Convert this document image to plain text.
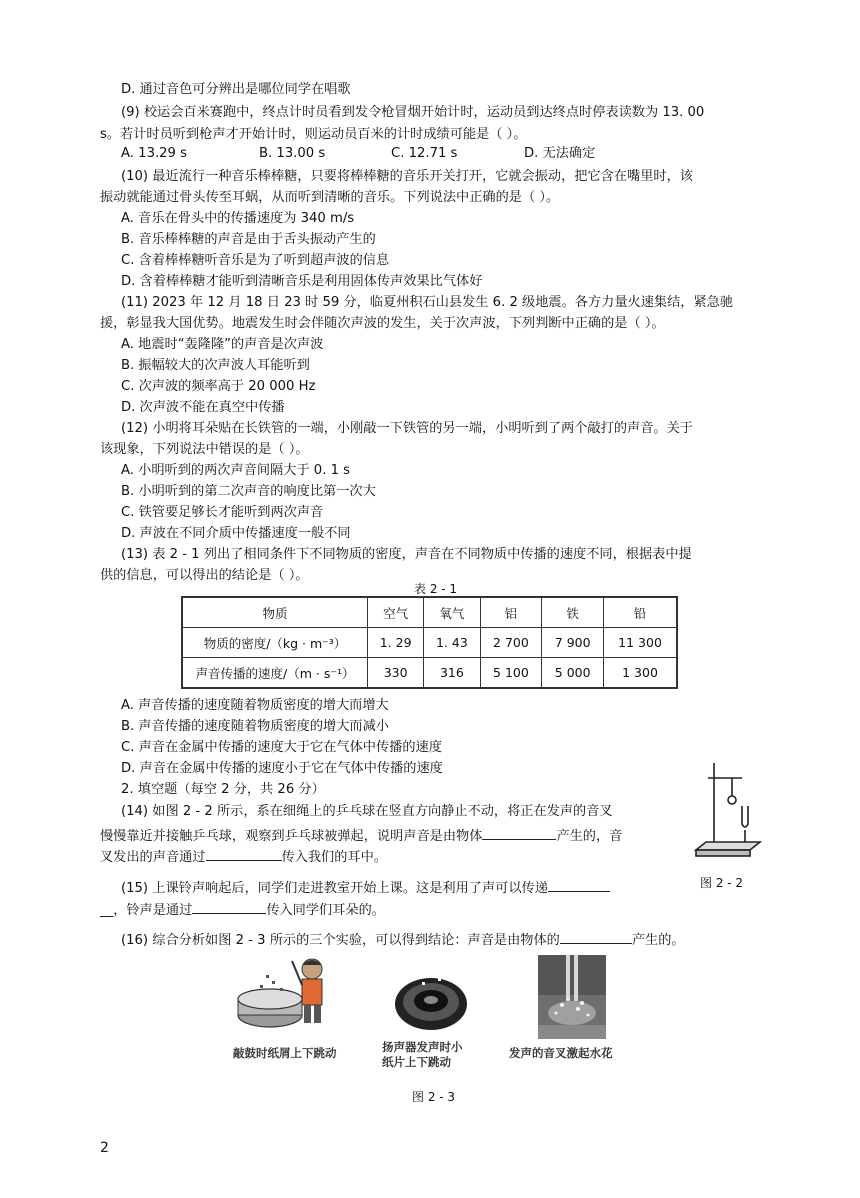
D. 通过音色可分辨出是哪位同学在唱歌
(9) 校运会百米赛跑中，终点计时员看到发令枪冒烟开始计时，运动员到达终点时停表读数为 13. 00
s。若计时员听到枪声才开始计时，则运动员百米的计时成绩可能是（ ）。
A. 13.29 s	B. 13.00 s	C. 12.71 s	D. 无法确定
(10) 最近流行一种音乐棒棒糖，只要将棒棒糖的音乐开关打开，它就会振动，把它含在嘴里时，该
振动就能通过骨头传至耳蜗，从而听到清晰的音乐。下列说法中正确的是（ ）。
A. 音乐在骨头中的传播速度为 340 m/s
B. 音乐棒棒糖的声音是由于舌头振动产生的
C. 含着棒棒糖听音乐是为了听到超声波的信息
D. 含着棒棒糖才能听到清晰音乐是利用固体传声效果比气体好
(11) 2023 年 12 月 18 日 23 时 59 分，临夏州积石山县发生 6. 2 级地震。各方力量火速集结，紧急驰
援，彰显我大国优势。地震发生时会伴随次声波的发生，关于次声波，下列判断中正确的是（ ）。
A. 地震时“轰隆隆”的声音是次声波
B. 振幅较大的次声波人耳能听到
C. 次声波的频率高于 20 000 Hz
D. 次声波不能在真空中传播
(12) 小明将耳朵贴在长铁管的一端，小刚敲一下铁管的另一端，小明听到了两个敲打的声音。关于
该现象，下列说法中错误的是（ ）。
A. 小明听到的两次声音间隔大于 0. 1 s
B. 小明听到的第二次声音的响度比第一次大
C. 铁管要足够长才能听到两次声音
D. 声波在不同介质中传播速度一般不同
(13) 表 2 - 1 列出了相同条件下不同物质的密度，声音在不同物质中传播的速度不同，根据表中提
供的信息，可以得出的结论是（ ）。
表 2 - 1
物质	空气	氧气	铝	铁	铅
物质的密度/（kg · m⁻³）	1. 29	1. 43	2 700	7 900	11 300
声音传播的速度/（m · s⁻¹）	330	316	5 100	5 000	1 300
A. 声音传播的速度随着物质密度的增大而增大
B. 声音传播的速度随着物质密度的增大而减小
C. 声音在金属中传播的速度大于它在气体中传播的速度
D. 声音在金属中传播的速度小于它在气体中传播的速度
2. 填空题（每空 2 分，共 26 分）
(14) 如图 2 - 2 所示，系在细绳上的乒乓球在竖直方向静止不动，将正在发声的音叉
慢慢靠近并接触乒乓球，观察到乒乓球被弹起，说明声音是由物体	产生的，音
叉发出的声音通过	传入我们的耳中。
图 2 - 2
(15) 上课铃声响起后，同学们走进教室开始上课。这是利用了声可以传递
__，铃声是通过	传入同学们耳朵的。
(16) 综合分析如图 2 - 3 所示的三个实验，可以得到结论：声音是由物体的	产生的。
敲鼓时纸屑上下跳动	扬声器发声时小
纸片上下跳动
发声的音叉激起水花
图 2 - 3
2
